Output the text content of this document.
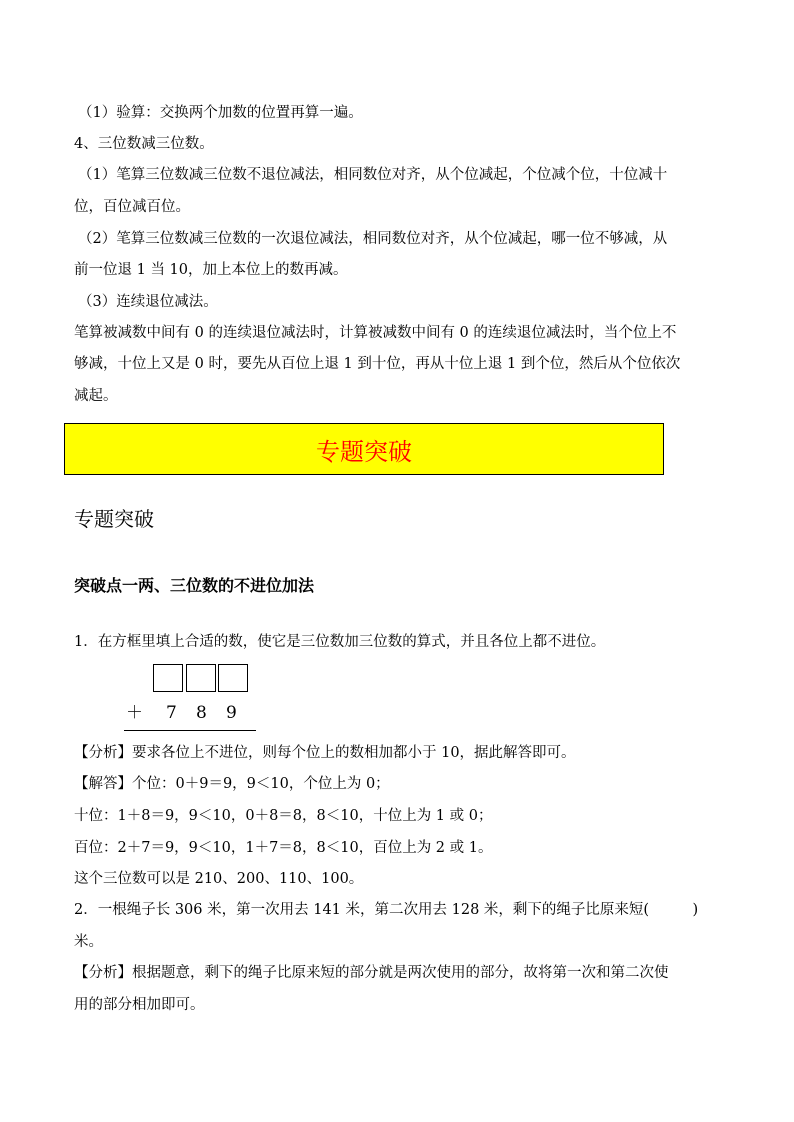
（1）验算：交换两个加数的位置再算一遍。
4、三位数减三位数。
（1）笔算三位数减三位数不退位减法，相同数位对齐，从个位减起，个位减个位，十位减十
位，百位减百位。
（2）笔算三位数减三位数的一次退位减法，相同数位对齐，从个位减起，哪一位不够减，从
前一位退 1 当 10，加上本位上的数再减。
（3）连续退位减法。
笔算被减数中间有 0 的连续退位减法时，计算被减数中间有 0 的连续退位减法时，当个位上不
够减，十位上又是 0 时，要先从百位上退 1 到十位，再从十位上退 1 到个位，然后从个位依次
减起。
专题突破
专题突破
突破点一两、三位数的不进位加法
1．在方框里填上合适的数，使它是三位数加三位数的算式，并且各位上都不进位。
＋ 7 8 9
【分析】要求各位上不进位，则每个位上的数相加都小于 10，据此解答即可。
【解答】个位：0＋9＝9，9＜10，个位上为 0；
十位：1＋8＝9，9＜10，0＋8＝8，8＜10，十位上为 1 或 0；
百位：2＋7＝9，9＜10，1＋7＝8，8＜10，百位上为 2 或 1。
这个三位数可以是 210、200、110、100。
2．一根绳子长 306 米，第一次用去 141 米，第二次用去 128 米，剩下的绳子比原来短(　　　)
米。
【分析】根据题意，剩下的绳子比原来短的部分就是两次使用的部分，故将第一次和第二次使
用的部分相加即可。
